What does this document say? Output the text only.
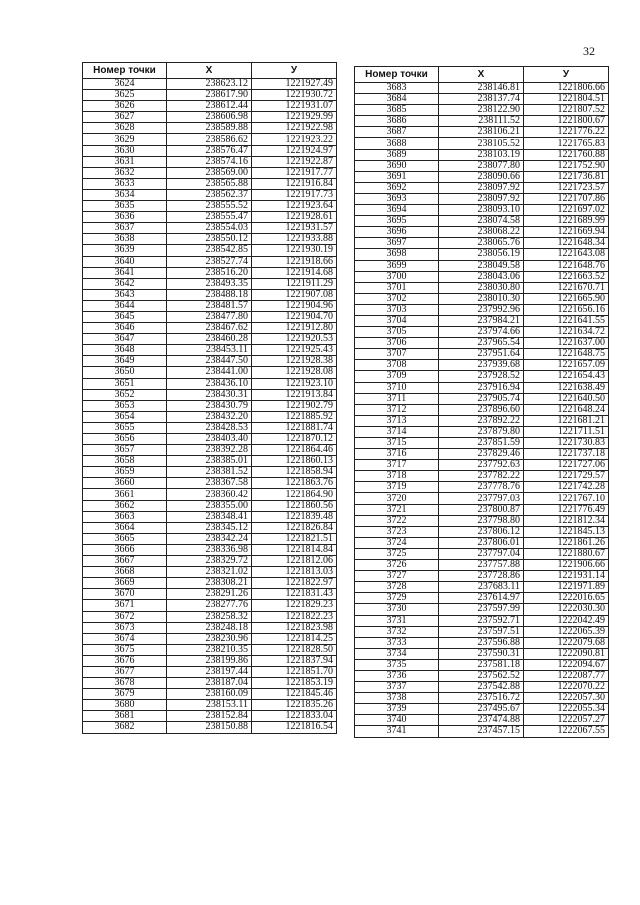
32
Номер точки	X	У
3624	238623.12	1221927.49
3625	238617.90	1221930.72
3626	238612.44	1221931.07
3627	238606.98	1221929.99
3628	238589.88	1221922.98
3629	238586.62	1221923.22
3630	238576.47	1221924.97
3631	238574.16	1221922.87
3632	238569.00	1221917.77
3633	238565.88	1221916.84
3634	238562.37	1221917.73
3635	238555.52	1221923.64
3636	238555.47	1221928.61
3637	238554.03	1221931.57
3638	238550.12	1221933.88
3639	238542.85	1221930.19
3640	238527.74	1221918.66
3641	238516.20	1221914.68
3642	238493.35	1221911.29
3643	238488.18	1221907.08
3644	238481.57	1221904.96
3645	238477.80	1221904.70
3646	238467.62	1221912.80
3647	238460.28	1221920.53
3648	238453.11	1221925.43
3649	238447.50	1221928.38
3650	238441.00	1221928.08
3651	238436.10	1221923.10
3652	238430.31	1221913.84
3653	238430.79	1221902.79
3654	238432.20	1221885.92
3655	238428.53	1221881.74
3656	238403.40	1221870.12
3657	238392.28	1221864.46
3658	238385.01	1221860.13
3659	238381.52	1221858.94
3660	238367.58	1221863.76
3661	238360.42	1221864.90
3662	238355.00	1221860.56
3663	238348.41	1221839.48
3664	238345.12	1221826.84
3665	238342.24	1221821.51
3666	238336.98	1221814.84
3667	238329.72	1221812.06
3668	238321.02	1221813.03
3669	238308.21	1221822.97
3670	238291.26	1221831.43
3671	238277.76	1221829.23
3672	238258.32	1221822.23
3673	238248.18	1221823.98
3674	238230.96	1221814.25
3675	238210.35	1221828.50
3676	238199.86	1221837.94
3677	238197.44	1221851.70
3678	238187.04	1221853.19
3679	238160.09	1221845.46
3680	238153.11	1221835.26
3681	238152.84	1221833.04
3682	238150.88	1221816.54
Номер точки	X	У
3683	238146.81	1221806.66
3684	238137.74	1221804.51
3685	238122.90	1221807.52
3686	238111.52	1221800.67
3687	238106.21	1221776.22
3688	238105.52	1221765.83
3689	238103.19	1221760.88
3690	238077.80	1221752.90
3691	238090.66	1221736.81
3692	238097.92	1221723.57
3693	238097.92	1221707.86
3694	238093.10	1221697.02
3695	238074.58	1221689.99
3696	238068.22	1221669.94
3697	238065.76	1221648.34
3698	238056.19	1221643.08
3699	238049.58	1221648.76
3700	238043.06	1221663.52
3701	238030.80	1221670.71
3702	238010.30	1221665.90
3703	237992.96	1221656.16
3704	237984.21	1221641.55
3705	237974.66	1221634.72
3706	237965.54	1221637.00
3707	237951.64	1221648.75
3708	237939.68	1221657.09
3709	237928.52	1221654.43
3710	237916.94	1221638.49
3711	237905.74	1221640.50
3712	237896.60	1221648.24
3713	237892.22	1221681.21
3714	237879.80	1221711.51
3715	237851.59	1221730.83
3716	237829.46	1221737.18
3717	237792.63	1221727.06
3718	237782.22	1221729.57
3719	237778.76	1221742.28
3720	237797.03	1221767.10
3721	237800.87	1221776.49
3722	237798.80	1221812.34
3723	237806.12	1221845.13
3724	237806.01	1221861.26
3725	237797.04	1221880.67
3726	237757.88	1221906.66
3727	237728.86	1221931.14
3728	237683.11	1221971.89
3729	237614.97	1222016.65
3730	237597.99	1222030.30
3731	237592.71	1222042.49
3732	237597.51	1222065.39
3733	237596.88	1222079.68
3734	237590.31	1222090.81
3735	237581.18	1222094.67
3736	237562.52	1222087.77
3737	237542.88	1222070.22
3738	237516.72	1222057.30
3739	237495.67	1222055.34
3740	237474.88	1222057.27
3741	237457.15	1222067.55
